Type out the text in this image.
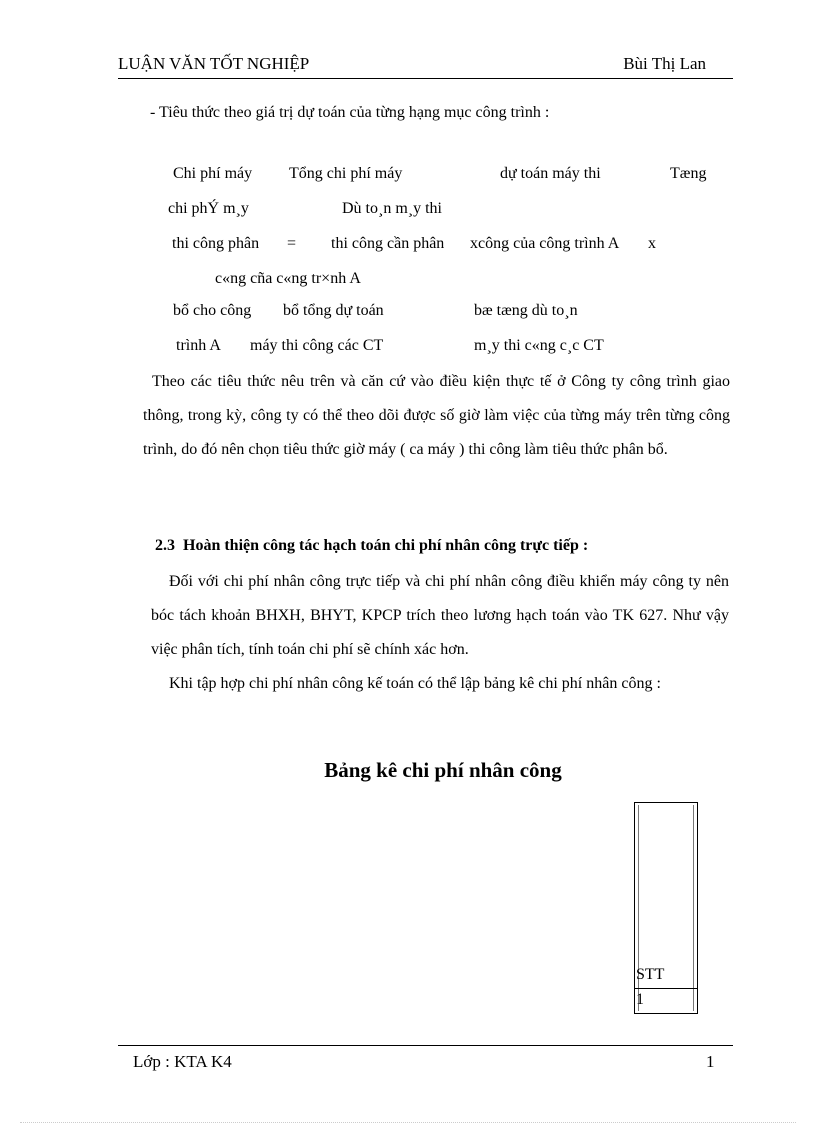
LUẬN VĂN TỐT NGHIỆP	Bùi Thị Lan
- Tiêu thức theo giá trị dự toán của từng hạng mục công trình :
Chi phí máy Tổng chi phí máy	dự toán máy thi	Tæng
chi phÝ m¸y	Dù to¸n m¸y thi
thi công phân = thi công cần phân xcông của công trình A x
c«ng cña c«ng tr×nh A
bổ cho công bổ tổng dự toán	bæ tæng dù to¸n
trình A máy thi công các CT	m¸y thi c«ng c¸c CT
Theo các tiêu thức nêu trên và căn cứ vào điều kiện thực tế ở Công ty công trình giao thông, trong kỳ, công ty có thể theo dõi được số giờ làm việc của từng máy trên từng công trình, do đó nên chọn tiêu thức giờ máy ( ca máy ) thi công làm tiêu thức phân bổ.
2.3 Hoàn thiện công tác hạch toán chi phí nhân công trực tiếp :
Đối với chi phí nhân công trực tiếp và chi phí nhân công điều khiển máy công ty nên bóc tách khoản BHXH, BHYT, KPCP trích theo lương hạch toán vào TK 627. Như vậy việc phân tích, tính toán chi phí sẽ chính xác hơn.
Khi tập hợp chi phí nhân công kế toán có thể lập bảng kê chi phí nhân công :
Bảng kê chi phí nhân công
STT
1
Lớp : KTA K4	1
